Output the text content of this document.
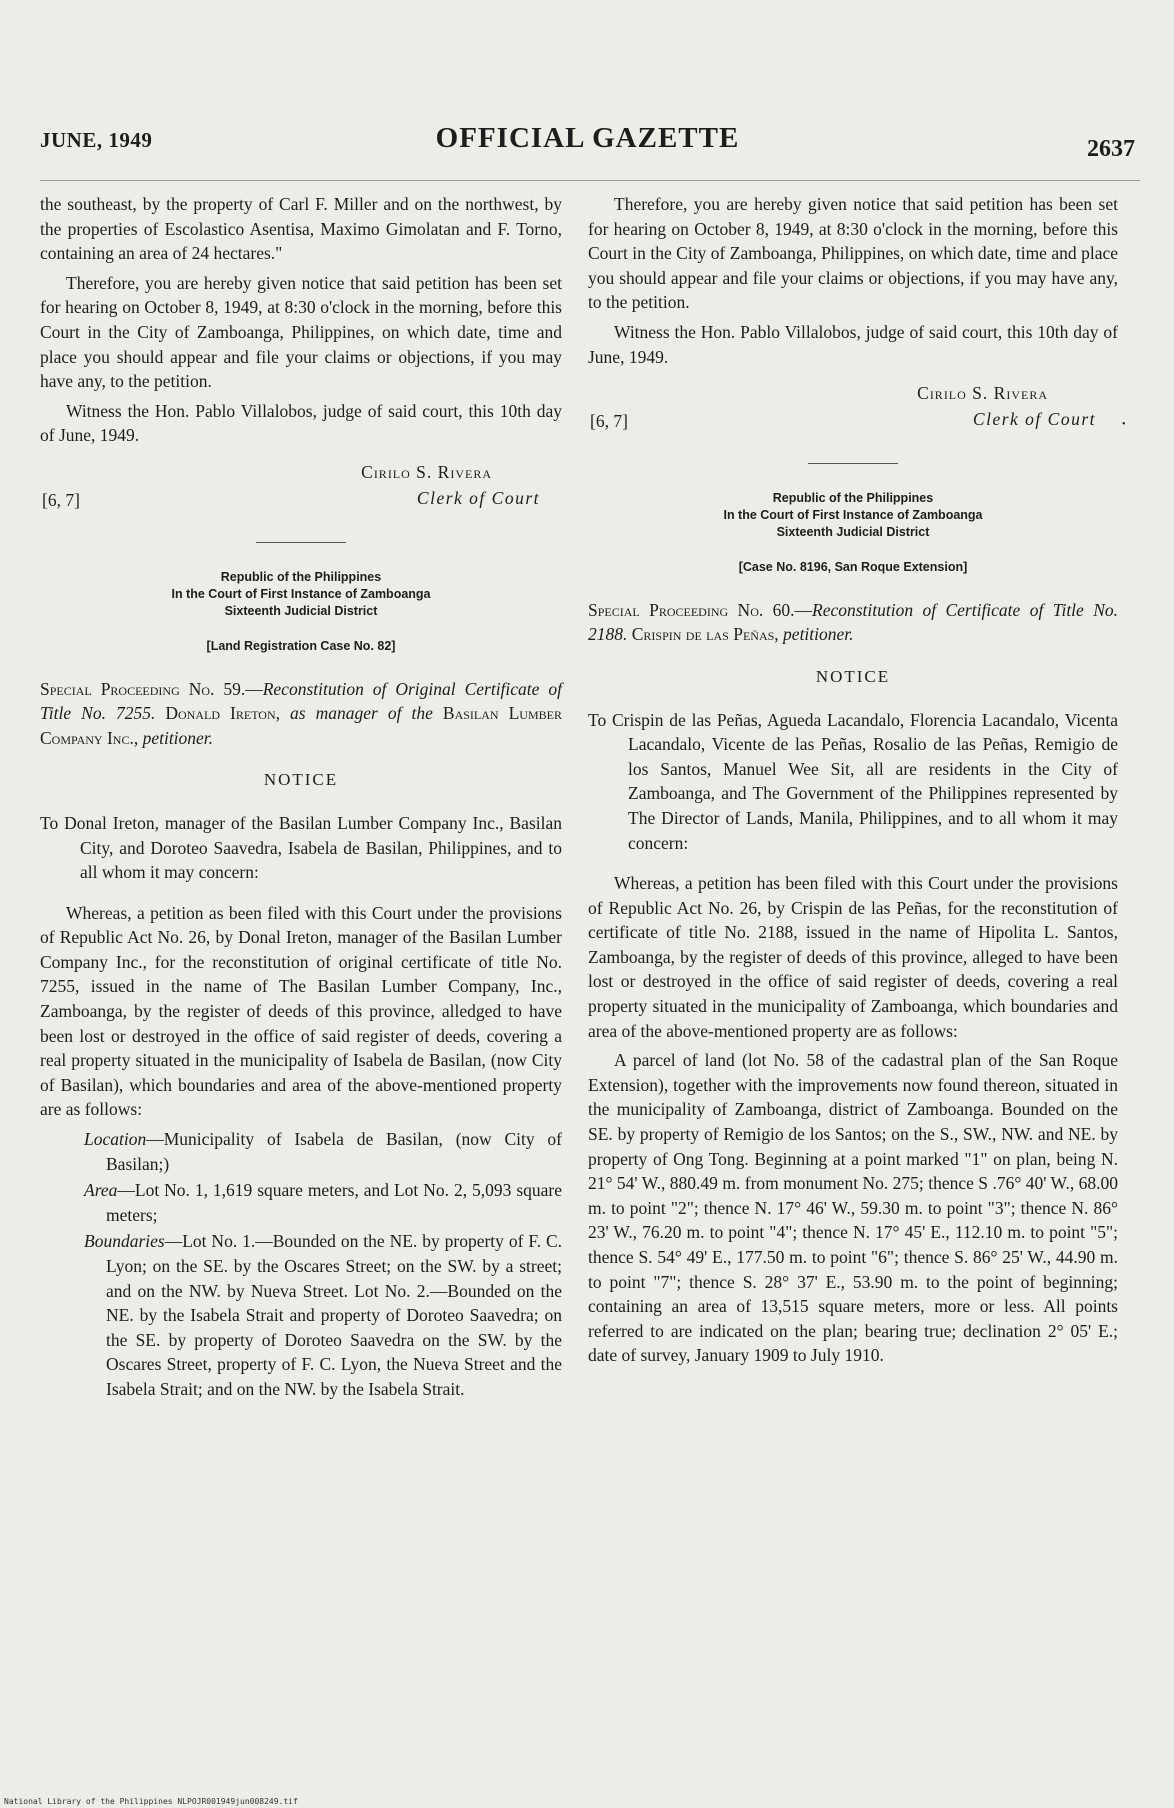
JUNE, 1949	OFFICIAL GAZETTE	2637

the southeast, by the property of Carl F. Miller and on the northwest, by the properties of Escolastico Asentisa, Maximo Gimolatan and F. Torno, containing an area of 24 hectares."

Therefore, you are hereby given notice that said petition has been set for hearing on October 8, 1949, at 8:30 o'clock in the morning, before this Court in the City of Zamboanga, Philippines, on which date, time and place you should appear and file your claims or objections, if you may have any, to the petition.

Witness the Hon. Pablo Villalobos, judge of said court, this 10th day of June, 1949.

[6, 7]
Cirilo S. Rivera
Clerk of Court
Republic of the Philippines
In the Court of First Instance of Zamboanga
Sixteenth Judicial District
[Land Registration Case No. 82]

Special Proceeding No. 59.—Reconstitution of Original Certificate of Title No. 7255. Donald Ireton, as manager of the Basilan Lumber Company Inc., petitioner.

NOTICE

To Donal Ireton, manager of the Basilan Lumber Company Inc., Basilan City, and Doroteo Saavedra, Isabela de Basilan, Philippines, and to all whom it may concern:

Whereas, a petition as been filed with this Court under the provisions of Republic Act No. 26, by Donal Ireton, manager of the Basilan Lumber Company Inc., for the reconstitution of original certificate of title No. 7255, issued in the name of The Basilan Lumber Company, Inc., Zamboanga, by the register of deeds of this province, alledged to have been lost or destroyed in the office of said register of deeds, covering a real property situated in the municipality of Isabela de Basilan, (now City of Basilan), which boundaries and area of the above-mentioned property are as follows:

Location—Municipality of Isabela de Basilan, (now City of Basilan;)

Area—Lot No. 1, 1,619 square meters, and Lot No. 2, 5,093 square meters;

Boundaries—Lot No. 1.—Bounded on the NE. by property of F. C. Lyon; on the SE. by the Oscares Street; on the SW. by a street; and on the NW. by Nueva Street. Lot No. 2.—Bounded on the NE. by the Isabela Strait and property of Doroteo Saavedra; on the SE. by property of Doroteo Saavedra on the SW. by the Oscares Street, property of F. C. Lyon, the Nueva Street and the Isabela Strait; and on the NW. by the Isabela Strait.

Therefore, you are hereby given notice that said petition has been set for hearing on October 8, 1949, at 8:30 o'clock in the morning, before this Court in the City of Zamboanga, Philippines, on which date, time and place you should appear and file your claims or objections, if you may have any, to the petition.

Witness the Hon. Pablo Villalobos, judge of said court, this 10th day of June, 1949.

[6, 7]
Cirilo S. Rivera
Clerk of Court
Republic of the Philippines
In the Court of First Instance of Zamboanga
Sixteenth Judicial District
[Case No. 8196, San Roque Extension]

Special Proceeding No. 60.—Reconstitution of Certificate of Title No. 2188. Crispin de las Peñas, petitioner.

NOTICE

To Crispin de las Peñas, Agueda Lacandalo, Florencia Lacandalo, Vicenta Lacandalo, Vicente de las Peñas, Rosalio de las Peñas, Remigio de los Santos, Manuel Wee Sit, all are residents in the City of Zamboanga, and The Government of the Philippines represented by The Director of Lands, Manila, Philippines, and to all whom it may concern:

Whereas, a petition has been filed with this Court under the provisions of Republic Act No. 26, by Crispin de las Peñas, for the reconstitution of certificate of title No. 2188, issued in the name of Hipolita L. Santos, Zamboanga, by the register of deeds of this province, alleged to have been lost or destroyed in the office of said register of deeds, covering a real property situated in the municipality of Zamboanga, which boundaries and area of the above-mentioned property are as follows:

A parcel of land (lot No. 58 of the cadastral plan of the San Roque Extension), together with the improvements now found thereon, situated in the municipality of Zamboanga, district of Zamboanga. Bounded on the SE. by property of Remigio de los Santos; on the S., SW., NW. and NE. by property of Ong Tong. Beginning at a point marked "1" on plan, being N. 21° 54' W., 880.49 m. from monument No. 275; thence S .76° 40' W., 68.00 m. to point "2"; thence N. 17° 46' W., 59.30 m. to point "3"; thence N. 86° 23' W., 76.20 m. to point "4"; thence N. 17° 45' E., 112.10 m. to point "5"; thence S. 54° 49' E., 177.50 m. to point "6"; thence S. 86° 25' W., 44.90 m. to point "7"; thence S. 28° 37' E., 53.90 m. to the point of beginning; containing an area of 13,515 square meters, more or less. All points referred to are indicated on the plan; bearing true; declination 2° 05' E.; date of survey, January 1909 to July 1910.

•
National Library of the Philippines NLPOJR001949jun008249.tif
